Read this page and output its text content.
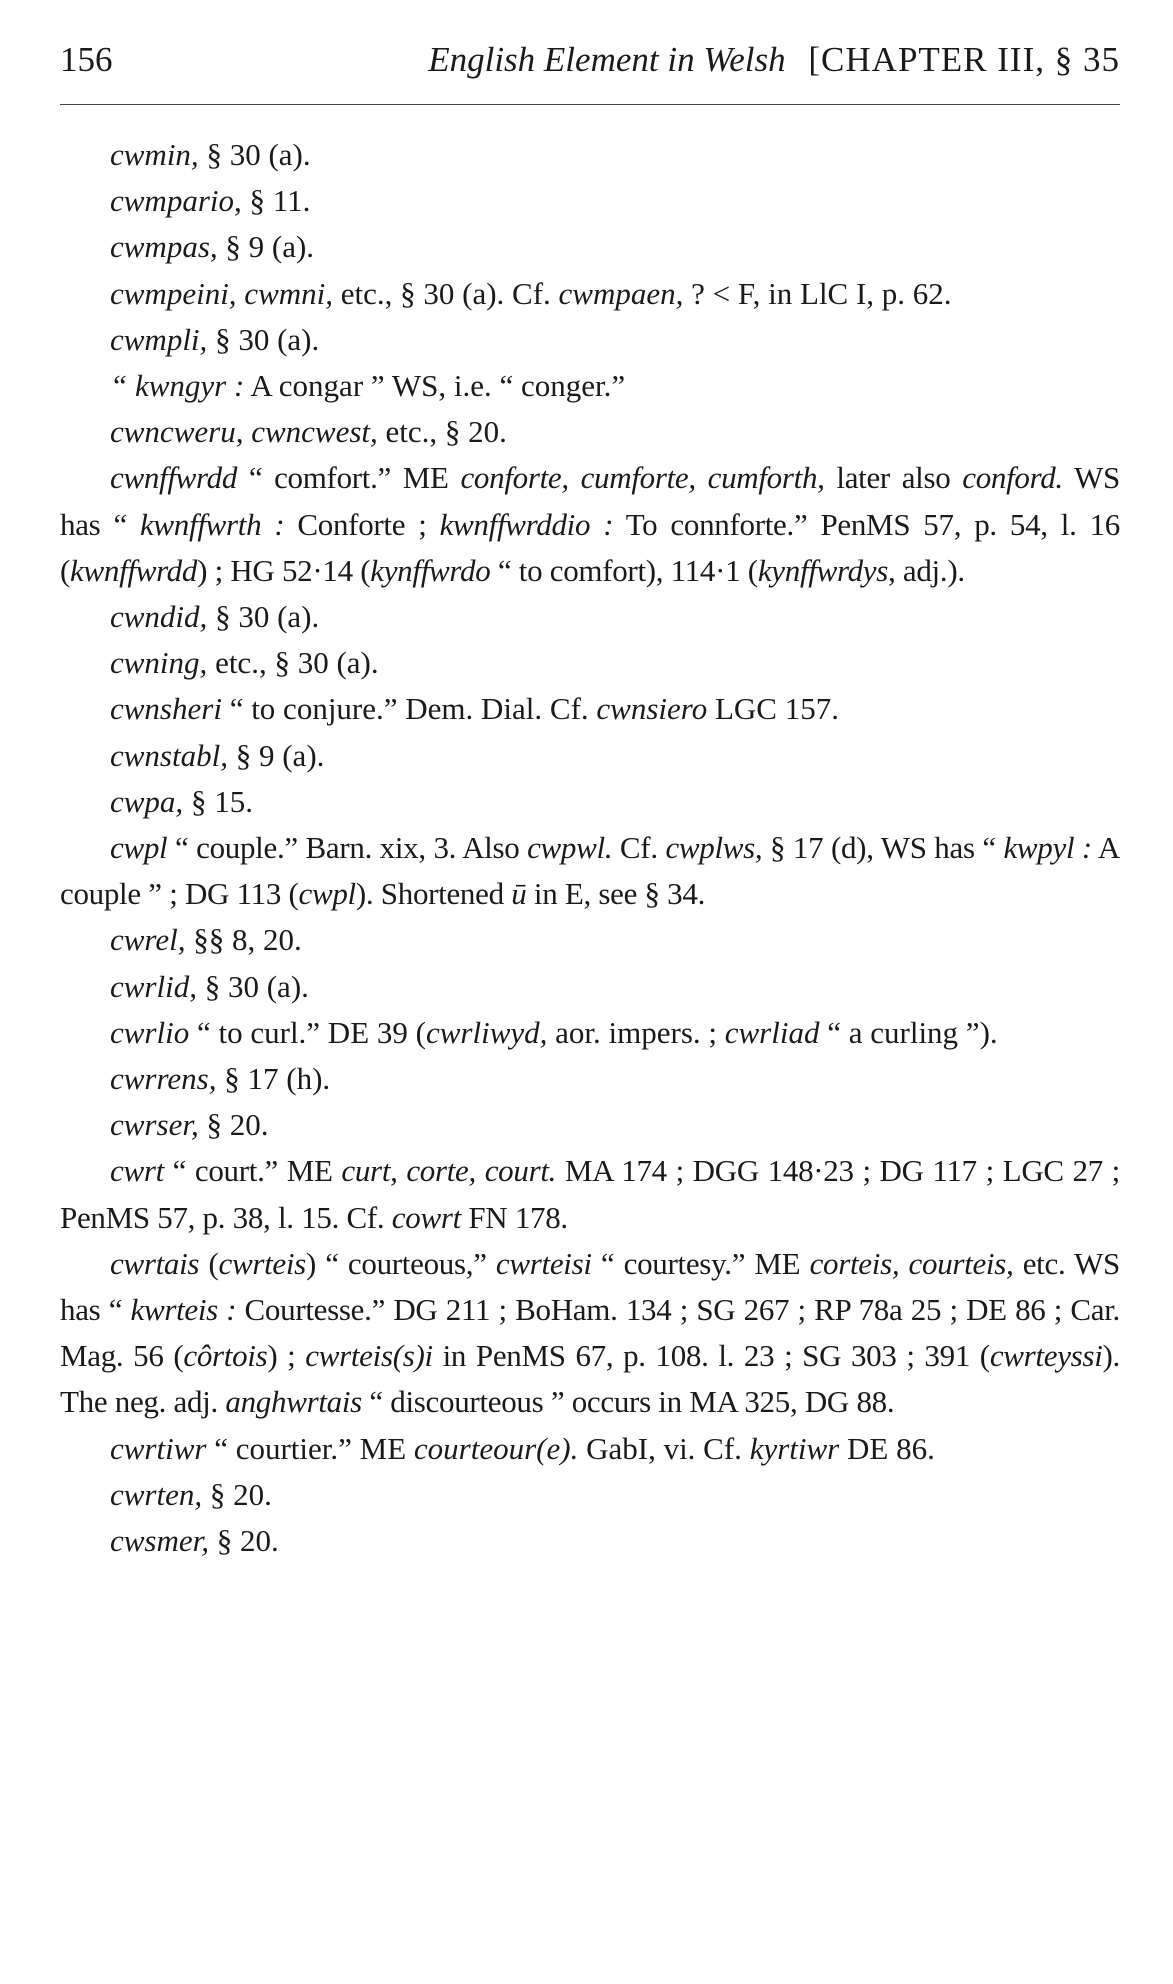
156	English Element in Welsh [CHAPTER III, § 35

cwmin, § 30 (a).

cwmpario, § 11.

cwmpas, § 9 (a).

cwmpeini, cwmni, etc., § 30 (a). Cf. cwmpaen, ? < F, in LlC I, p. 62.

cwmpli, § 30 (a).

“ kwngyr : A congar ” WS, i.e. “ conger.”

cwncweru, cwncwest, etc., § 20.

cwnffwrdd “ comfort.” ME conforte, cumforte, cumforth, later also conford. WS has “ kwnffwrth : Conforte ; kwnffwrddio : To connforte.” PenMS 57, p. 54, l. 16 (kwnffwrdd) ; HG 52·14 (kynffwrdo “ to comfort), 114·1 (kynffwrdys, adj.).

cwndid, § 30 (a).

cwning, etc., § 30 (a).

cwnsheri “ to conjure.” Dem. Dial. Cf. cwnsiero LGC 157.

cwnstabl, § 9 (a).

cwpa, § 15.

cwpl “ couple.” Barn. xix, 3. Also cwpwl. Cf. cwplws, § 17 (d), WS has “ kwpyl : A couple ” ; DG 113 (cwpl). Shortened ū in E, see § 34.

cwrel, §§ 8, 20.

cwrlid, § 30 (a).

cwrlio “ to curl.” DE 39 (cwrliwyd, aor. impers. ; cwrliad “ a curling ”).

cwrrens, § 17 (h).

cwrser, § 20.

cwrt “ court.” ME curt, corte, court. MA 174 ; DGG 148·23 ; DG 117 ; LGC 27 ; PenMS 57, p. 38, l. 15. Cf. cowrt FN 178.

cwrtais (cwrteis) “ courteous,” cwrteisi “ courtesy.” ME corteis, courteis, etc. WS has “ kwrteis : Courtesse.” DG 211 ; BoHam. 134 ; SG 267 ; RP 78a 25 ; DE 86 ; Car. Mag. 56 (côrtois) ; cwrteis(s)i in PenMS 67, p. 108. l. 23 ; SG 303 ; 391 (cwrteyssi). The neg. adj. anghwrtais “ discourteous ” occurs in MA 325, DG 88.

cwrtiwr “ courtier.” ME courteour(e). GabI, vi. Cf. kyrtiwr DE 86.

cwrten, § 20.

cwsmer, § 20.
